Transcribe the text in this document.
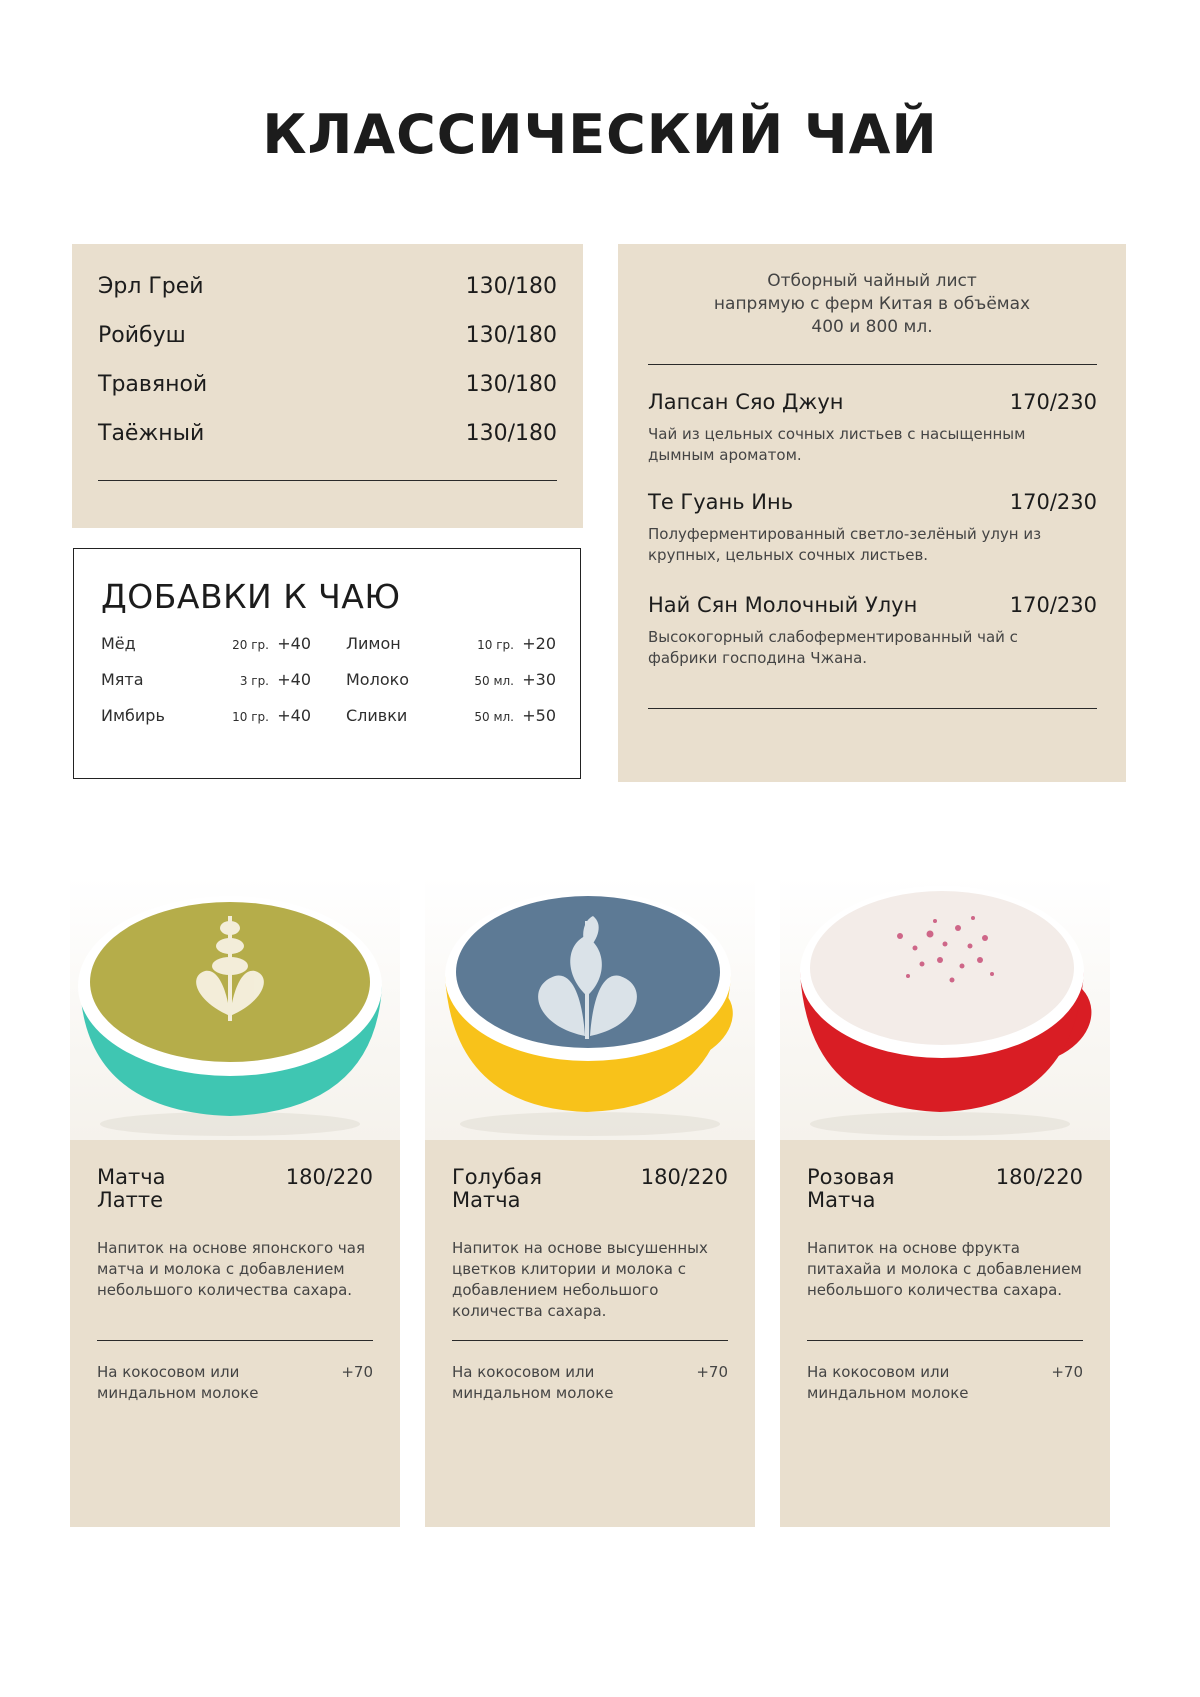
КЛАССИЧЕСКИЙ ЧАЙ
Эрл Грей	130/180
Ройбуш	130/180
Травяной	130/180
Таёжный	130/180
ДОБАВКИ К ЧАЮ
Мёд	20 гр. +40
Мята	3 гр. +40
Имбирь	10 гр. +40
Лимон	10 гр. +20
Молоко	50 мл. +30
Сливки	50 мл. +50

Отборный чайный лист
напрямую с ферм Китая в объёмах
400 и 800 мл.

Лапсан Сяо Джун	170/230

Чай из цельных сочных листьев с насыщенным дымным ароматом.

Те Гуань Инь	170/230

Полуферментированный светло-зелёный улун из крупных, цельных сочных листьев.

Най Сян Молочный Улун	170/230

Высокогорный слабоферментированный чай с фабрики господина Чжана.

Матча Латте
180/220

Напиток на основе японского чая матча и молока с добавлением небольшого количества сахара.

На кокосовом или миндальном молоке
+70
Голубая Матча
180/220

Напиток на основе высушенных цветков клитории и молока с добавлением небольшого количества сахара.

На кокосовом или миндальном молоке
+70
Розовая Матча
180/220

Напиток на основе фрукта питахайа и молока с добавлением небольшого количества сахара.

На кокосовом или миндальном молоке
+70
